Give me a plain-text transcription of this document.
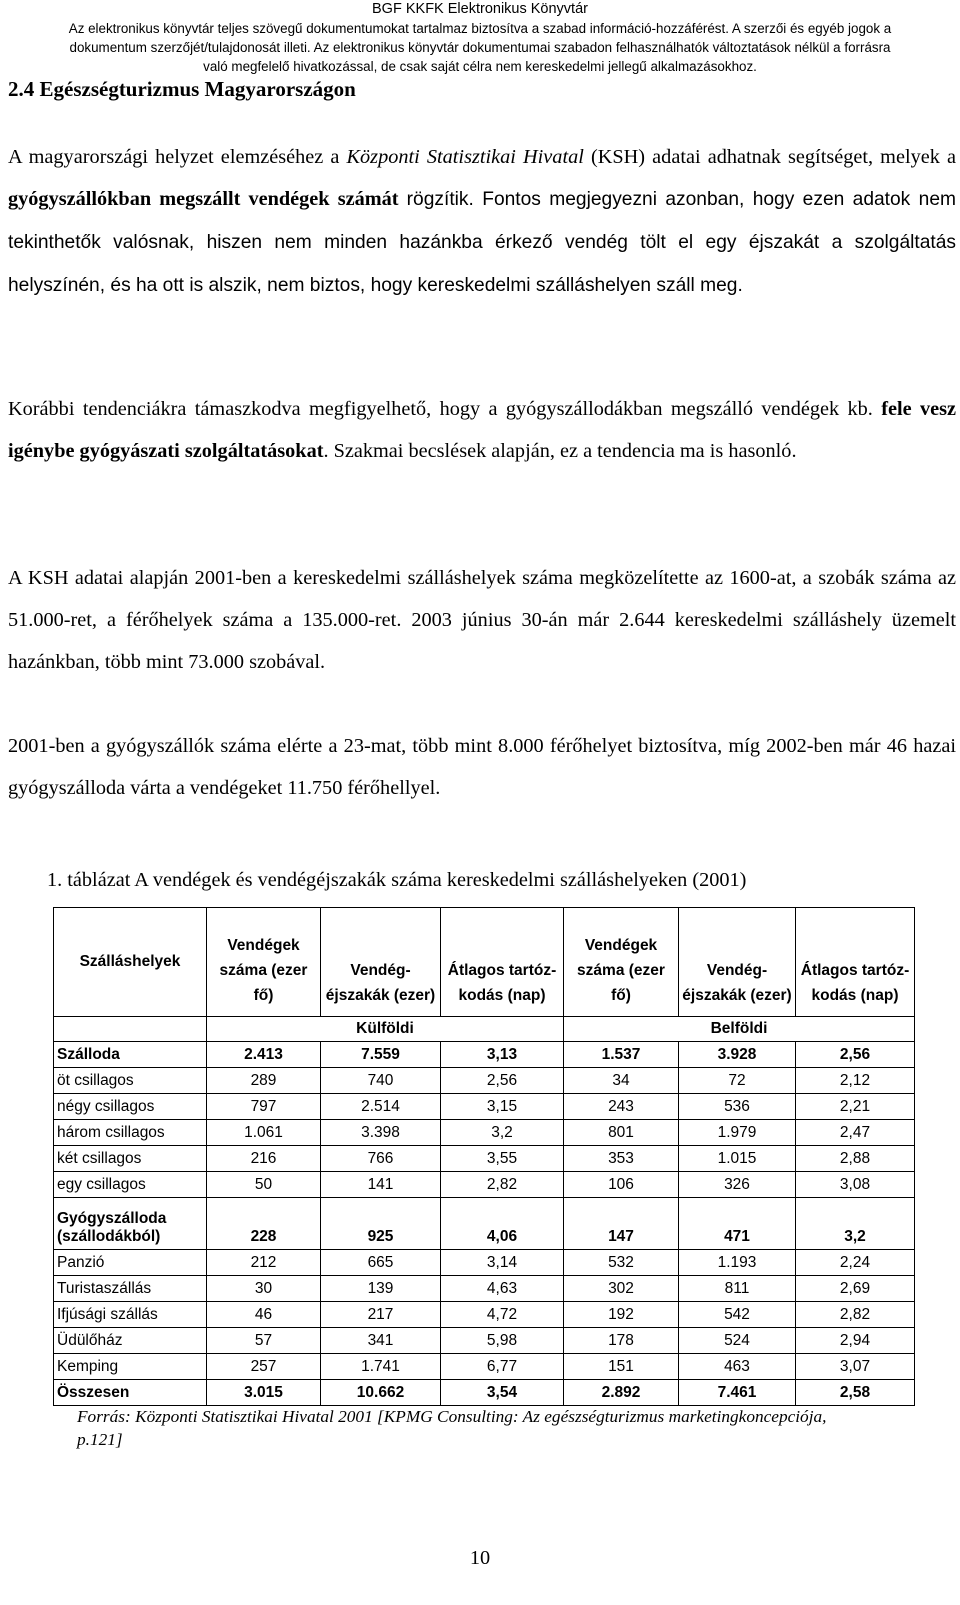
BGF KKFK Elektronikus Könyvtár
Az elektronikus könyvtár teljes szövegű dokumentumokat tartalmaz biztosítva a szabad információ-hozzáférést. A szerzői és egyéb jogok a
dokumentum szerzőjét/tulajdonosát illeti. Az elektronikus könyvtár dokumentumai szabadon felhasználhatók változtatások nélkül a forrásra
való megfelelő hivatkozással, de csak saját célra nem kereskedelmi jellegű alkalmazásokhoz.
2.4 Egészségturizmus Magyarországon

A magyarországi helyzet elemzéséhez a Központi Statisztikai Hivatal (KSH) adatai adhatnak segítséget, melyek a gyógyszállókban megszállt vendégek számát rögzítik. Fontos megjegyezni azonban, hogy ezen adatok nem tekinthetők valósnak, hiszen nem minden hazánkba érkező vendég tölt el egy éjszakát a szolgáltatás helyszínén, és ha ott is alszik, nem biztos, hogy kereskedelmi szálláshelyen száll meg.

Korábbi tendenciákra támaszkodva megfigyelhető, hogy a gyógyszállodákban megszálló vendégek kb. fele vesz igénybe gyógyászati szolgáltatásokat. Szakmai becslések alapján, ez a tendencia ma is hasonló.

A KSH adatai alapján 2001-ben a kereskedelmi szálláshelyek száma megközelítette az 1600-at, a szobák száma az 51.000-ret, a férőhelyek száma a 135.000-ret. 2003 június 30-án már 2.644 kereskedelmi szálláshely üzemelt hazánkban, több mint 73.000 szobával.

2001-ben a gyógyszállók száma elérte a 23-mat, több mint 8.000 férőhelyet biztosítva, míg 2002-ben már 46 hazai gyógyszálloda várta a vendégeket 11.750 férőhellyel.

1. táblázat A vendégek és vendégéjszakák száma kereskedelmi szálláshelyeken (2001)

Szálláshelyek	Vendégek száma (ezer fő)	Vendég-éjszakák (ezer)	Átlagos tartóz-kodás (nap)	Vendégek száma (ezer fő)	Vendég-éjszakák (ezer)	Átlagos tartóz-kodás (nap)
	Külföldi			Belföldi		
Szálloda	2.413	7.559	3,13	1.537	3.928	2,56
öt csillagos	289	740	2,56	34	72	2,12
négy csillagos	797	2.514	3,15	243	536	2,21
három csillagos	1.061	3.398	3,2	801	1.979	2,47
két csillagos	216	766	3,55	353	1.015	2,88
egy csillagos	50	141	2,82	106	326	3,08
Gyógyszálloda (szállodákból)	228	925	4,06	147	471	3,2
Panzió	212	665	3,14	532	1.193	2,24
Turistaszállás	30	139	4,63	302	811	2,69
Ifjúsági szállás	46	217	4,72	192	542	2,82
Üdülőház	57	341	5,98	178	524	2,94
Kemping	257	1.741	6,77	151	463	3,07
Összesen	3.015	10.662	3,54	2.892	7.461	2,58

Forrás: Központi Statisztikai Hivatal 2001 [KPMG Consulting: Az egészségturizmus marketingkoncepciója, p.121]

10
